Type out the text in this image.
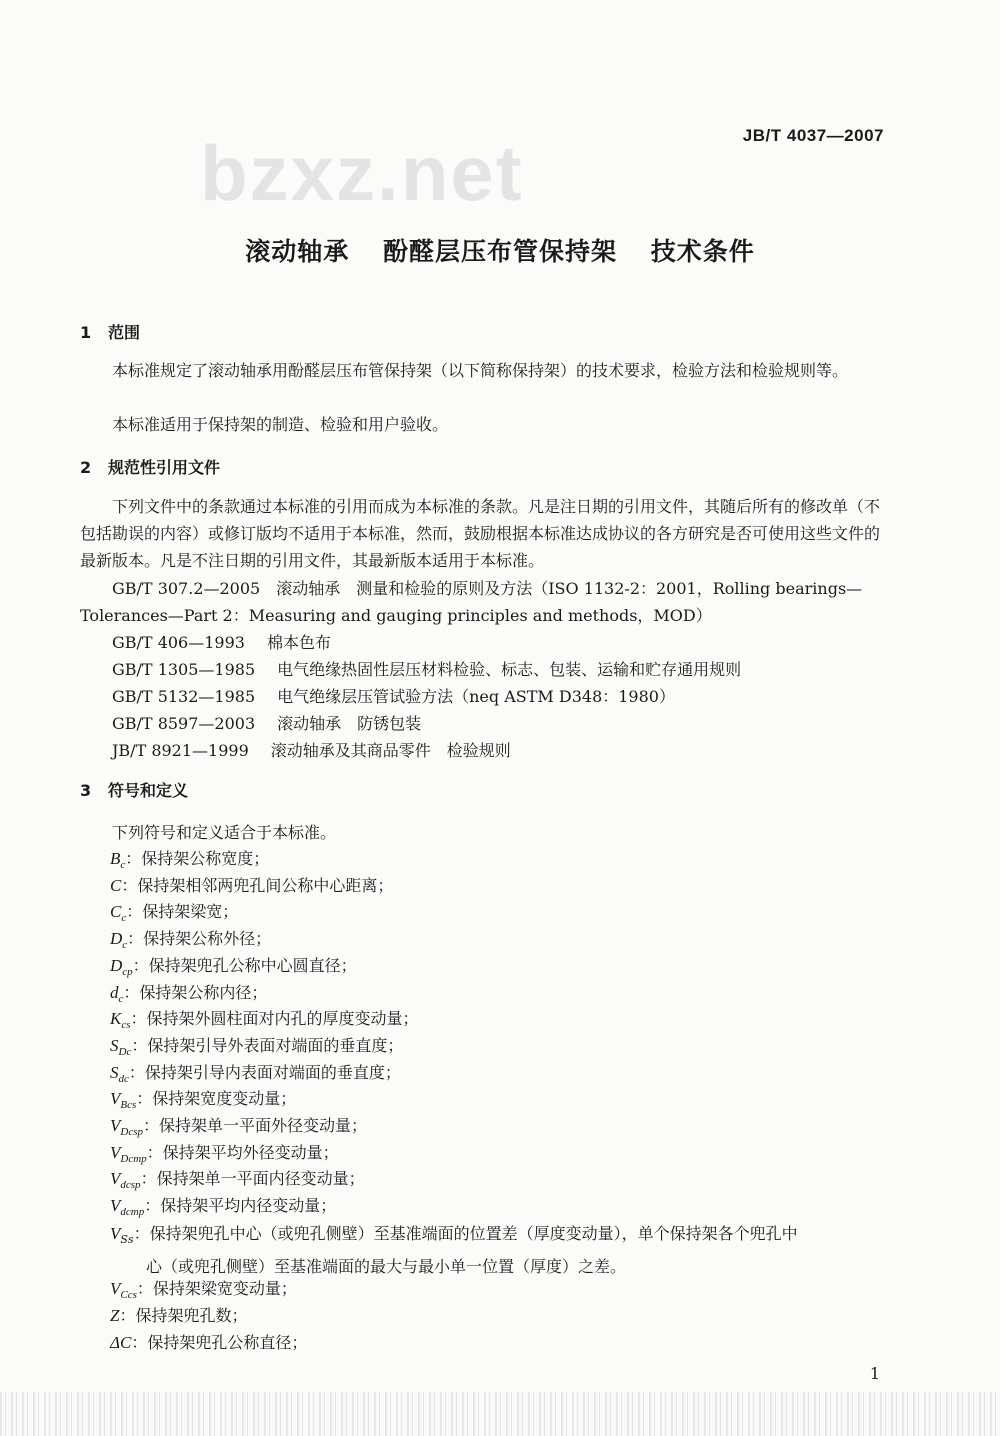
bzxz.net	JB/T 4037—2007
滚动轴承 酚醛层压布管保持架 技术条件
1 范围
本标准规定了滚动轴承用酚醛层压布管保持架（以下简称保持架）的技术要求，检验方法和检验规则等。
本标准适用于保持架的制造、检验和用户验收。
2 规范性引用文件
下列文件中的条款通过本标准的引用而成为本标准的条款。凡是注日期的引用文件，其随后所有的修改单（不包括勘误的内容）或修订版均不适用于本标准，然而，鼓励根据本标准达成协议的各方研究是否可使用这些文件的最新版本。凡是不注日期的引用文件，其最新版本适用于本标准。
GB/T 307.2—2005　滚动轴承　测量和检验的原则及方法（ISO 1132-2：2001，Rolling bearings—
Tolerances—Part 2：Measuring and gauging principles and methods，MOD）
GB/T 406—1993 棉本色布
GB/T 1305—1985 电气绝缘热固性层压材料检验、标志、包装、运输和贮存通用规则
GB/T 5132—1985 电气绝缘层压管试验方法（neq ASTM D348：1980）
GB/T 8597—2003 滚动轴承　防锈包装
JB/T 8921—1999 滚动轴承及其商品零件　检验规则
3 符号和定义
下列符号和定义适合于本标准。
$B_c$：保持架公称宽度；
C：保持架相邻两兜孔间公称中心距离；
$C_c$：保持架梁宽；
$D_c$：保持架公称外径；
$D_{cp}$：保持架兜孔公称中心圆直径；
$d_c$：保持架公称内径；
$K_{cs}$：保持架外圆柱面对内孔的厚度变动量；
$S_{Dc}$：保持架引导外表面对端面的垂直度；
$S_{dc}$：保持架引导内表面对端面的垂直度；
$V_{Bcs}$：保持架宽度变动量；
$V_{Dcsp}$：保持架单一平面外径变动量；
$V_{Dcmp}$：保持架平均外径变动量；
$V_{dcsp}$：保持架单一平面内径变动量；
$V_{dcmp}$：保持架平均内径变动量；
$V_{Ss}$：保持架兜孔中心（或兜孔侧壁）至基准端面的位置差（厚度变动量），单个保持架各个兜孔中
心（或兜孔侧壁）至基准端面的最大与最小单一位置（厚度）之差。
$V_{Ccs}$：保持架梁宽变动量；
Z：保持架兜孔数；
ΔC：保持架兜孔公称直径；
1
